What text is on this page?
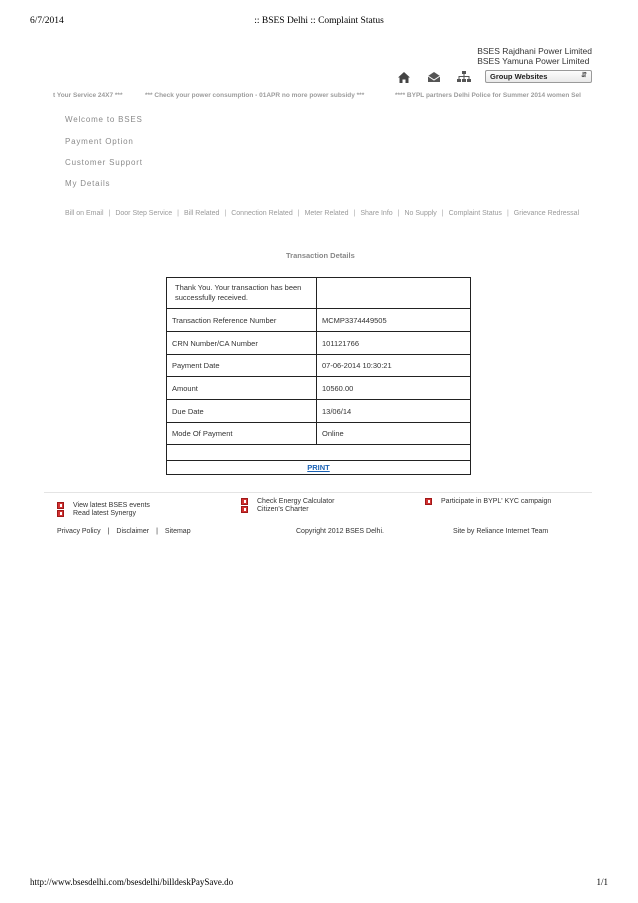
6/7/2014	:: BSES Delhi :: Complaint Status
BSES Rajdhani Power Limited
BSES Yamuna Power Limited
Group Websites	⇵
t Your Service 24X7 ***	*** Check your power consumption - 01APR no more power subsidy ***	**** BYPL partners Delhi Police for Summer 2014 women Sel
Welcome to BSES
Payment Option
Customer Support
My Details
Bill on Email | Door Step Service | Bill Related | Connection Related | Meter Related | Share Info | No Supply | Complaint Status | Grievance Redressal
Transaction Details
Thank You. Your transaction has been successfully received.	
Transaction Reference Number	MCMP3374449505
CRN Number/CA Number	101121766
Payment Date	07-06-2014 10:30:21
Amount	10560.00
Due Date	13/06/14
Mode Of Payment	Online

PRINT	
View latest BSES events
Read latest Synergy
Check Energy Calculator
Citizen's Charter
Participate in BYPL' KYC campaign
Privacy Policy | Disclaimer | Sitemap	Copyright 2012 BSES Delhi.	Site by Reliance Internet Team
http://www.bsesdelhi.com/bsesdelhi/billdeskPaySave.do	1/1
